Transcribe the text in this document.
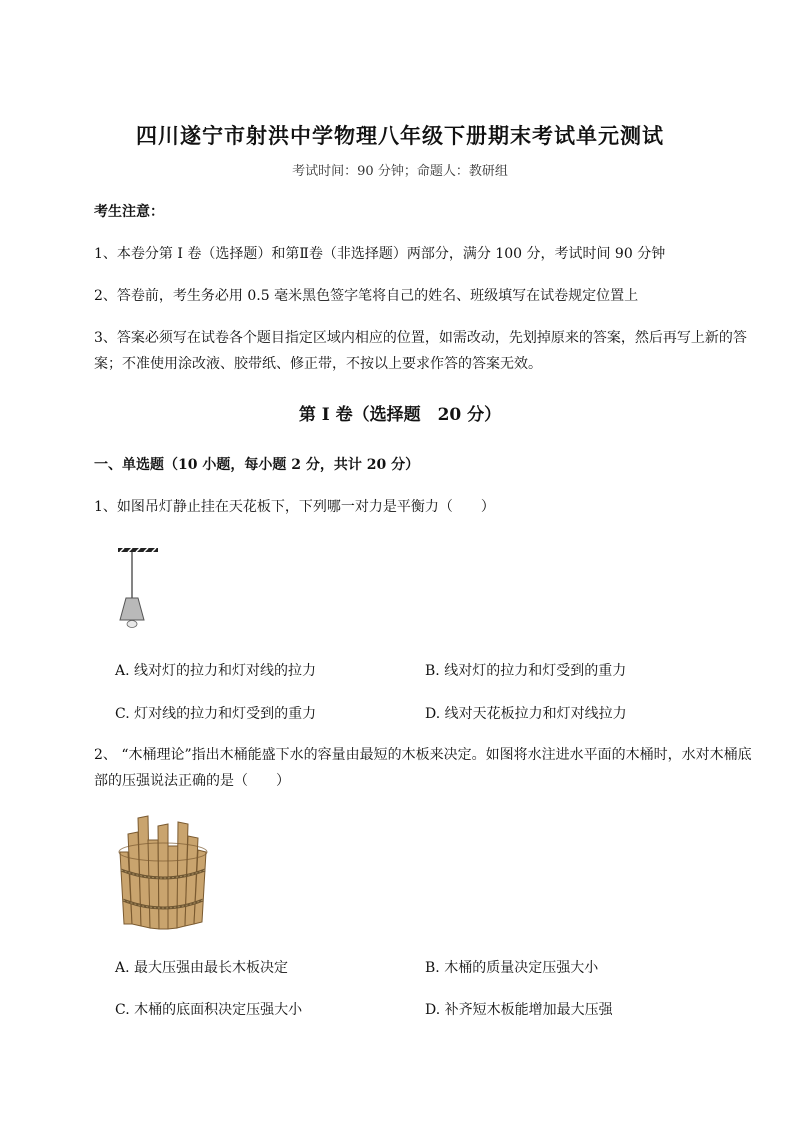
四川遂宁市射洪中学物理八年级下册期末考试单元测试
考试时间：90 分钟；命题人：教研组
考生注意：
1、本卷分第 I 卷（选择题）和第Ⅱ卷（非选择题）两部分，满分 100 分，考试时间 90 分钟
2、答卷前，考生务必用 0.5 毫米黑色签字笔将自己的姓名、班级填写在试卷规定位置上
3、答案必须写在试卷各个题目指定区域内相应的位置，如需改动，先划掉原来的答案，然后再写上新的答案；不准使用涂改液、胶带纸、修正带，不按以上要求作答的答案无效。
第 I 卷（选择题　20 分）
一、单选题（10 小题，每小题 2 分，共计 20 分）
1、如图吊灯静止挂在天花板下，下列哪一对力是平衡力（　　）
A. 线对灯的拉力和灯对线的拉力	B. 线对灯的拉力和灯受到的重力
C. 灯对线的拉力和灯受到的重力	D. 线对天花板拉力和灯对线拉力
2、 “木桶理论”指出木桶能盛下水的容量由最短的木板来决定。如图将水注进水平面的木桶时，水对木桶底部的压强说法正确的是（　　）
A. 最大压强由最长木板决定	B. 木桶的质量决定压强大小
C. 木桶的底面积决定压强大小	D. 补齐短木板能增加最大压强
